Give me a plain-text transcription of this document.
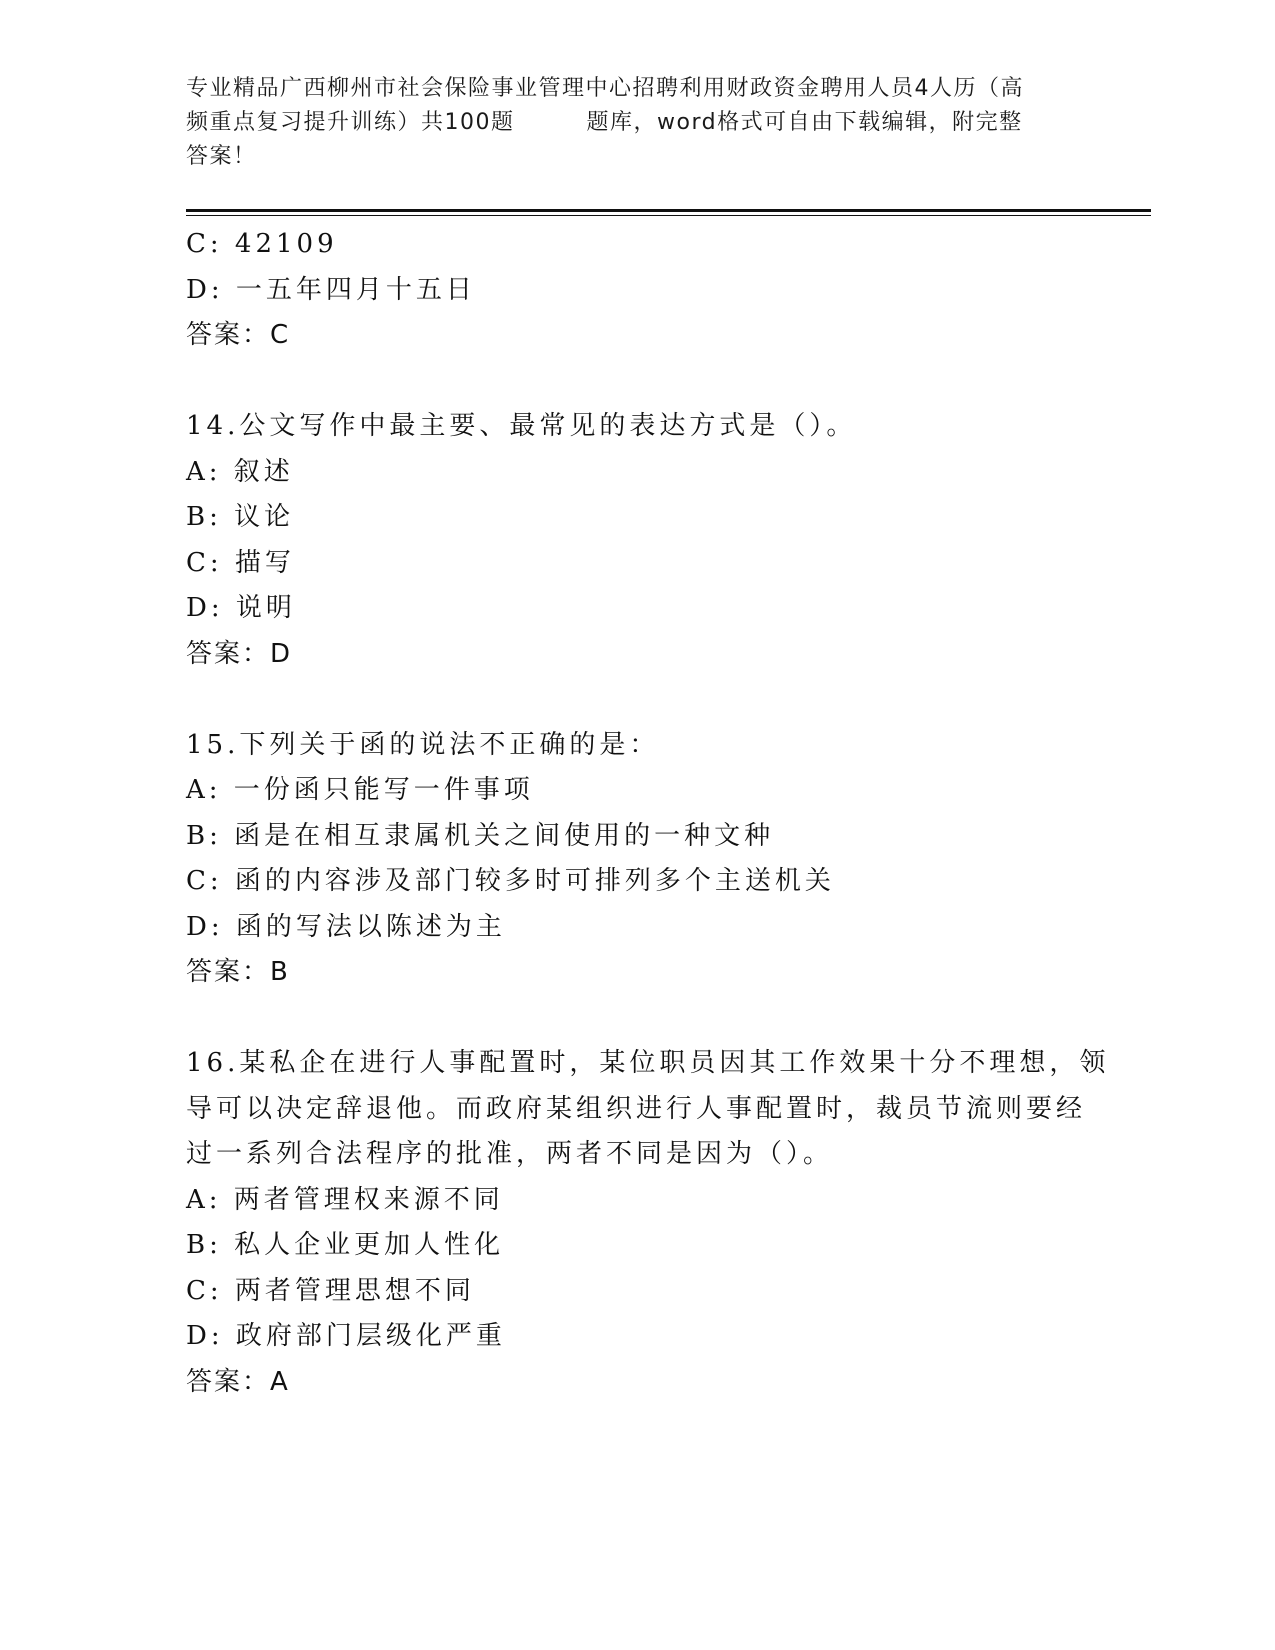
专业精品广西柳州市社会保险事业管理中心招聘利用财政资金聘用人员4人历（高
频重点复习提升训练）共100题	题库，word格式可自由下载编辑，附完整
答案！
C: 42109
D: 一五年四月十五日
答案：C
14.公文写作中最主要、最常见的表达方式是（）。
A: 叙述
B: 议论
C: 描写
D: 说明
答案：D
15.下列关于函的说法不正确的是：
A: 一份函只能写一件事项
B: 函是在相互隶属机关之间使用的一种文种
C: 函的内容涉及部门较多时可排列多个主送机关
D: 函的写法以陈述为主
答案：B
16.某私企在进行人事配置时，某位职员因其工作效果十分不理想，领
导可以决定辞退他。而政府某组织进行人事配置时，裁员节流则要经
过一系列合法程序的批准，两者不同是因为（）。
A: 两者管理权来源不同
B: 私人企业更加人性化
C: 两者管理思想不同
D: 政府部门层级化严重
答案：A
